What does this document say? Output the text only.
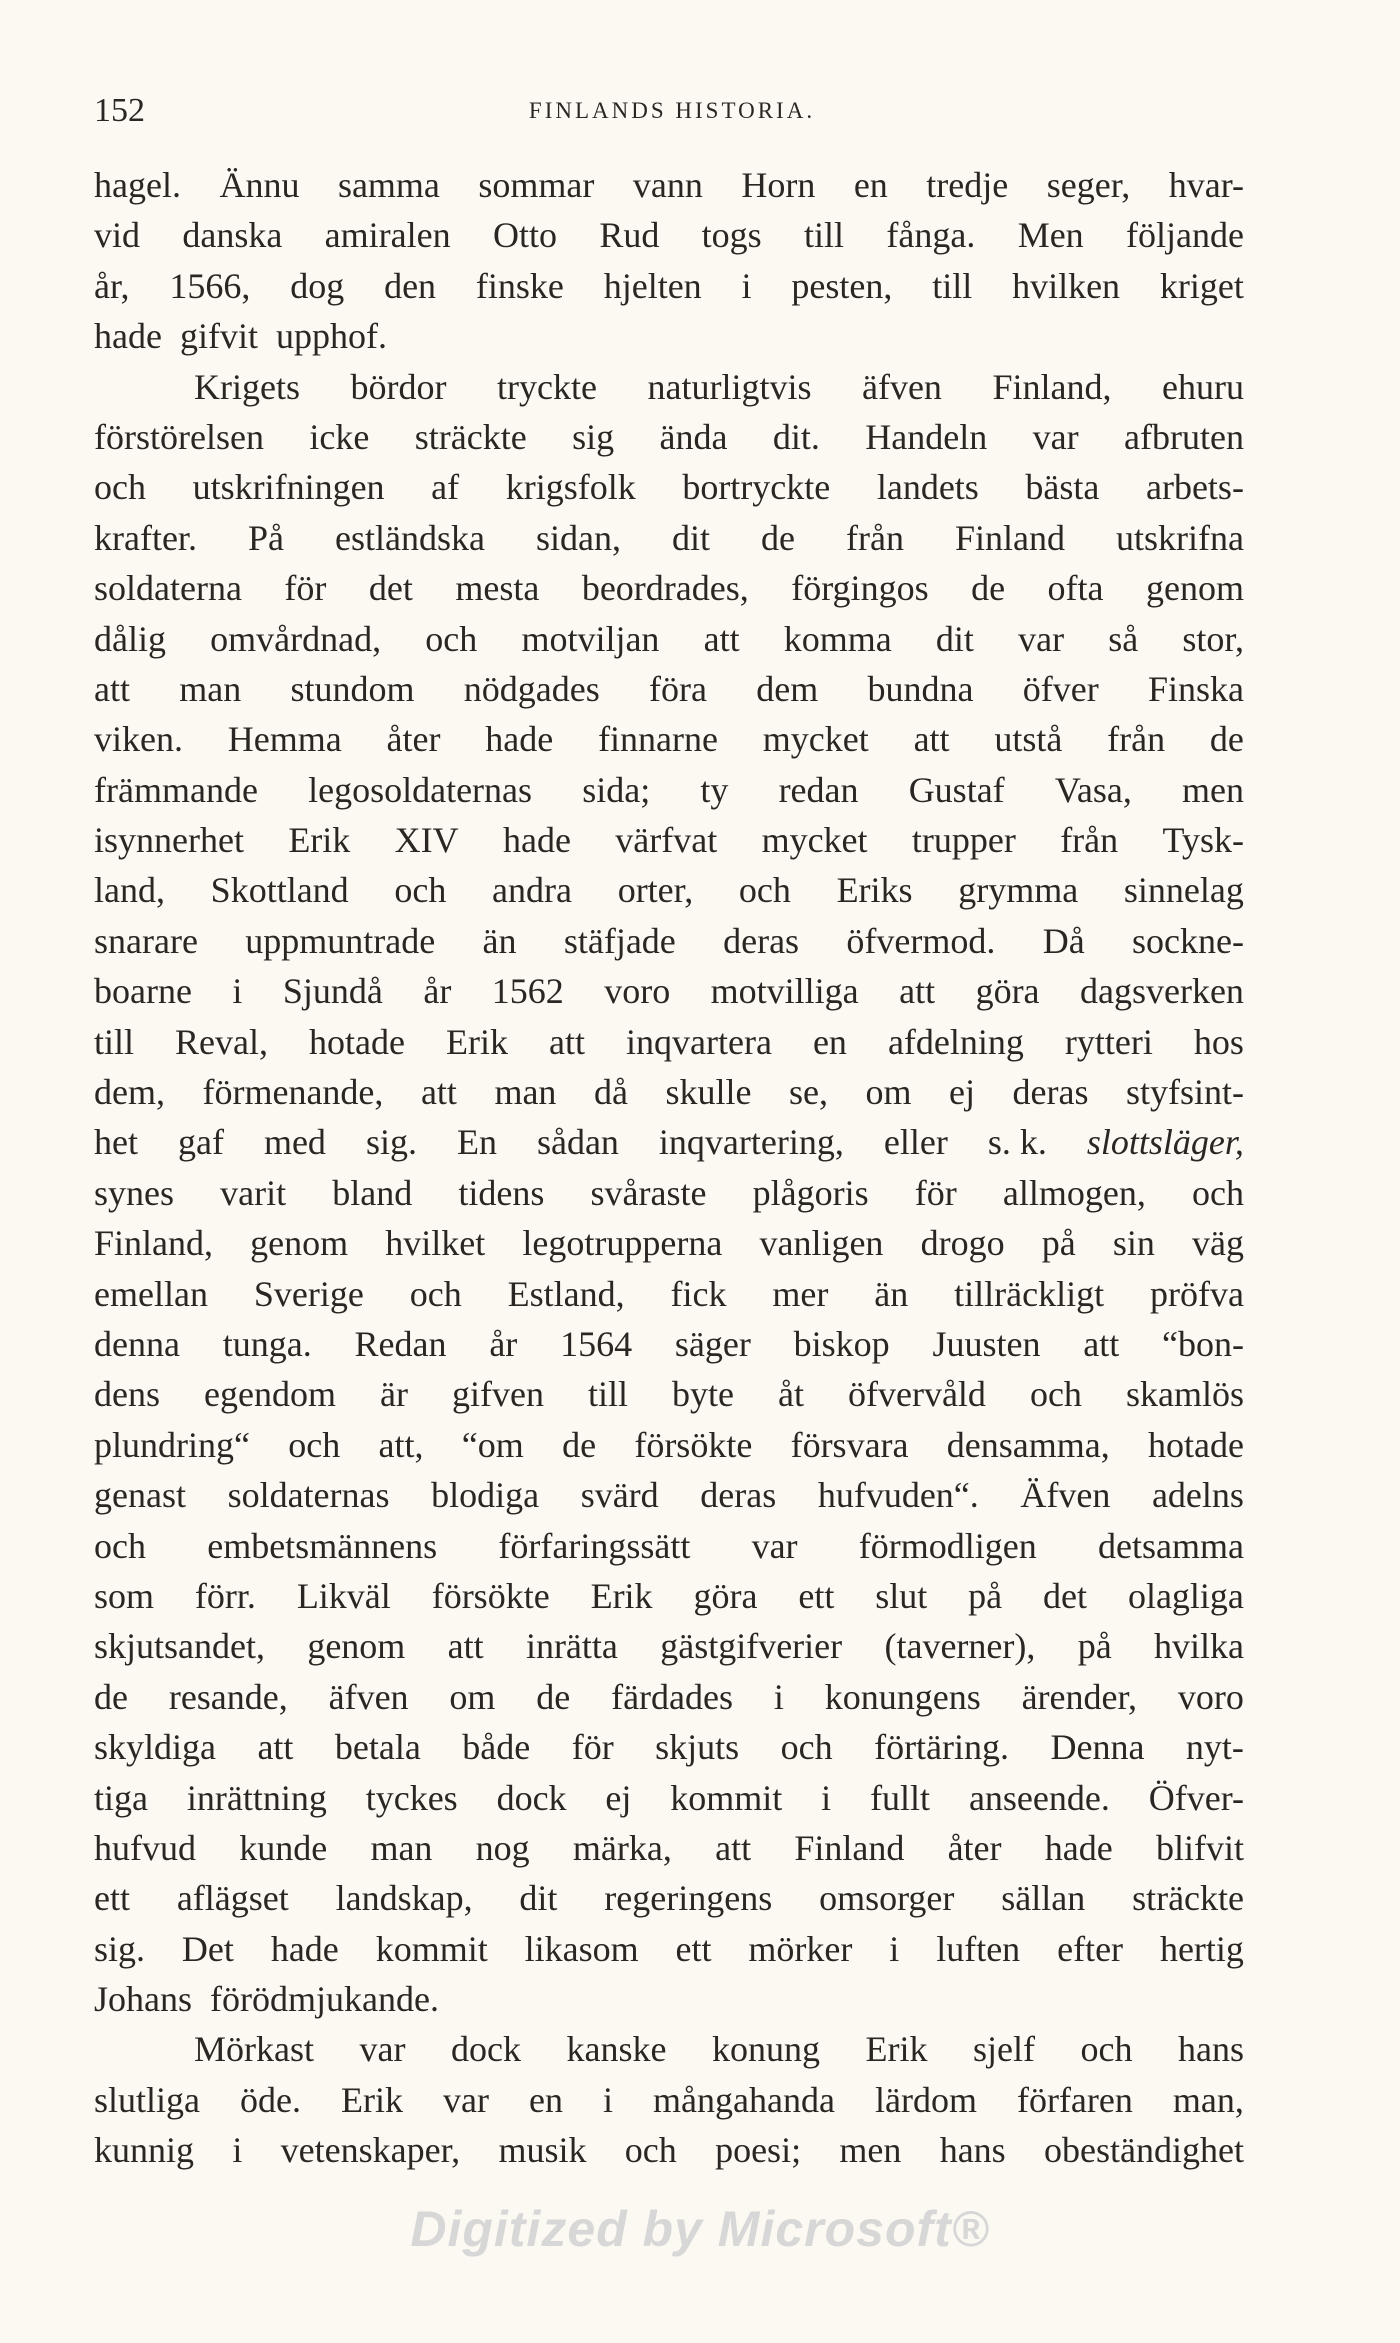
152	FINLANDS HISTORIA.
hagel. Ännu samma sommar vann Horn en tredje seger, hvar-
vid danska amiralen Otto Rud togs till fånga. Men följande
år, 1566, dog den finske hjelten i pesten, till hvilken kriget
hade gifvit upphof.
Krigets bördor tryckte naturligtvis äfven Finland, ehuru
förstörelsen icke sträckte sig ända dit. Handeln var afbruten
och utskrifningen af krigsfolk bortryckte landets bästa arbets-
krafter. På estländska sidan, dit de från Finland utskrifna
soldaterna för det mesta beordrades, förgingos de ofta genom
dålig omvårdnad, och motviljan att komma dit var så stor,
att man stundom nödgades föra dem bundna öfver Finska
viken. Hemma åter hade finnarne mycket att utstå från de
främmande legosoldaternas sida; ty redan Gustaf Vasa, men
isynnerhet Erik XIV hade värfvat mycket trupper från Tysk-
land, Skottland och andra orter, och Eriks grymma sinnelag
snarare uppmuntrade än stäfjade deras öfvermod. Då sockne-
boarne i Sjundå år 1562 voro motvilliga att göra dagsverken
till Reval, hotade Erik att inqvartera en afdelning rytteri hos
dem, förmenande, att man då skulle se, om ej deras styfsint-
het gaf med sig. En sådan inqvartering, eller s. k. slottsläger,
synes varit bland tidens svåraste plågoris för allmogen, och
Finland, genom hvilket legotrupperna vanligen drogo på sin väg
emellan Sverige och Estland, fick mer än tillräckligt pröfva
denna tunga. Redan år 1564 säger biskop Juusten att “bon-
dens egendom är gifven till byte åt öfvervåld och skamlös
plundring“ och att, “om de försökte försvara densamma, hotade
genast soldaternas blodiga svärd deras hufvuden“. Äfven adelns
och embetsmännens förfaringssätt var förmodligen detsamma
som förr. Likväl försökte Erik göra ett slut på det olagliga
skjutsandet, genom att inrätta gästgifverier (taverner), på hvilka
de resande, äfven om de färdades i konungens ärender, voro
skyldiga att betala både för skjuts och förtäring. Denna nyt-
tiga inrättning tyckes dock ej kommit i fullt anseende. Öfver-
hufvud kunde man nog märka, att Finland åter hade blifvit
ett aflägset landskap, dit regeringens omsorger sällan sträckte
sig. Det hade kommit likasom ett mörker i luften efter hertig
Johans förödmjukande.
Mörkast var dock kanske konung Erik sjelf och hans
slutliga öde. Erik var en i mångahanda lärdom förfaren man,
kunnig i vetenskaper, musik och poesi; men hans obeständighet
Digitized by Microsoft®
